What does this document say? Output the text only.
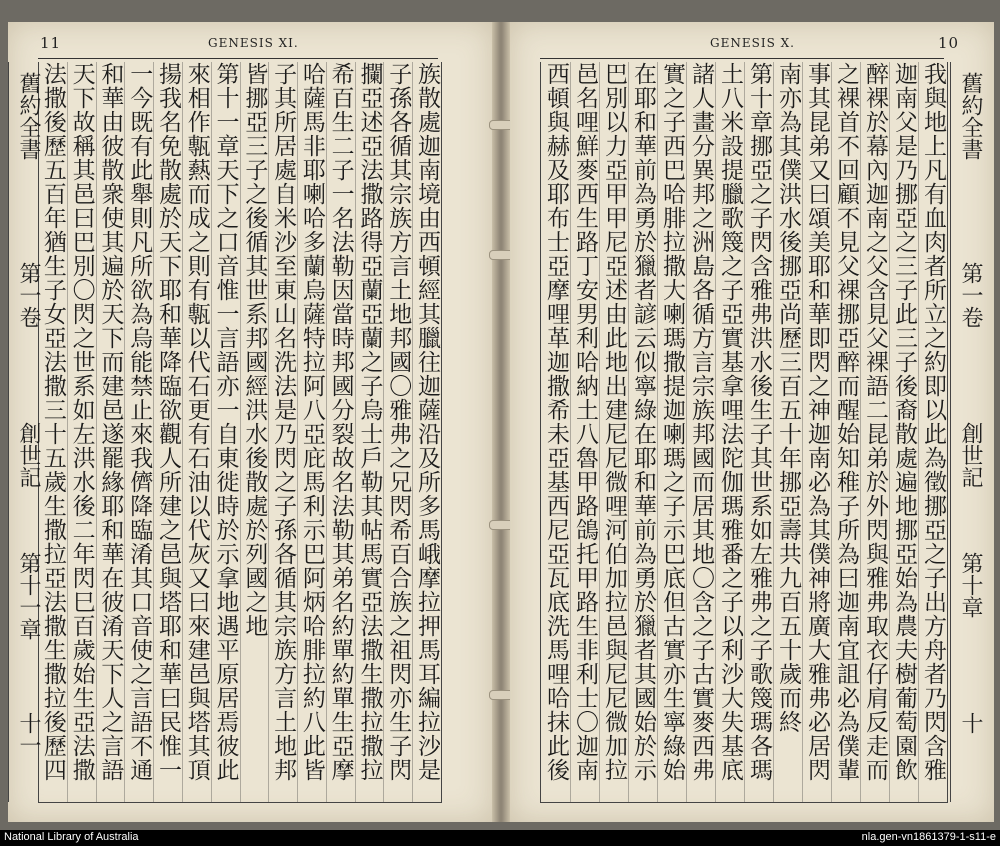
11	GENESIS XI.
族散處迦南境由西頓經其臘往迦薩沿及所多馬峨摩拉押馬耳編拉沙是
子孫各循其宗族方言土地邦國〇雅弗之兄閃希百合族之祖閃亦生子閃
攔亞述亞法撒路得亞蘭亞蘭之子烏士戶勒其帖馬實亞法撒生撒拉撒拉
希百生二子一名法勒因當時邦國分裂故名法勒其弟名約單約單生亞摩
哈薩馬非耶喇哈多蘭烏薩特拉阿八亞庇馬利示巴阿炳哈腓拉約八此皆
子其所居處自米沙至東山名洗法是乃閃之子孫各循其宗族方言土地邦
皆挪亞三子之後循其世系邦國經洪水後散處於列國之地
第十一章天下之口音惟一言語亦一自東徙時於示拿地遇平原居焉彼此
來相作甎爇而成之則有甎以代石更有石油以代灰又曰來建邑與塔其頂
揚我名免散處於天下耶和華降臨欲觀人所建之邑與塔耶和華曰民惟一
一今既有此舉則凡所欲為烏能禁止來我儕降臨淆其口音使之言語不通
和華由彼散衆使其遍於天下而建邑遂罷緣耶和華在彼淆天下人之言語
天下故稱其邑曰巴別〇閃之世系如左洪水後二年閃巳百歲始生亞法撒
法撒後歷五百年猶生子女亞法撒三十五歲生撒拉亞法撒生撒拉後歷四
舊約全書
第一卷
創世記
第十一章
十一
GENESIS X.	10
我與地上凡有血肉者所立之約即以此為徵挪亞之子出方舟者乃閃含雅
迦南父是乃挪亞之三子此三子後裔散處遍地挪亞始為農夫樹葡萄園飲
醉裸於幕內迦南之父含見父裸語二昆弟於外閃與雅弗取衣仔肩反走而
之裸首不回顧不見父裸挪亞醉而醒始知稚子所為曰迦南宜詛必為僕輩
事其昆弟又曰頌美耶和華即閃之神迦南必為其僕神將廣大雅弗必居閃
南亦為其僕洪水後挪亞尚歷三百五十年挪亞壽共九百五十歲而終
第十章挪亞之子閃含雅弗洪水後生子其世系如左雅弗之子歌篾瑪各瑪
土八米設提臘歌篾之子亞實基拿哩法陀伽瑪雅番之子以利沙大失基底
諸人畫分異邦之洲島各循方言宗族邦國而居其地〇含之子古實麥西弗
實之子西巴哈腓拉撒大喇瑪撒提迦喇瑪之子示巴底但古實亦生寧綠始
在耶和華前為勇於獵者諺云似寧綠在耶和華前為勇於獵者其國始於示
巴別以力亞甲甲尼亞述由此地出建尼尼微哩河伯加拉邑與尼尼微加拉
邑名哩鮮麥西生路丁安男利哈納土八魯甲路鴿托甲路生非利士〇迦南
西頓與赫及耶布士亞摩哩革迦撒希未亞基西尼亞瓦底洗馬哩哈抹此後
舊約全書
第一卷
創世記
第十章
十
National Library of Australia	nla.gen-vn1861379-1-s11-e
